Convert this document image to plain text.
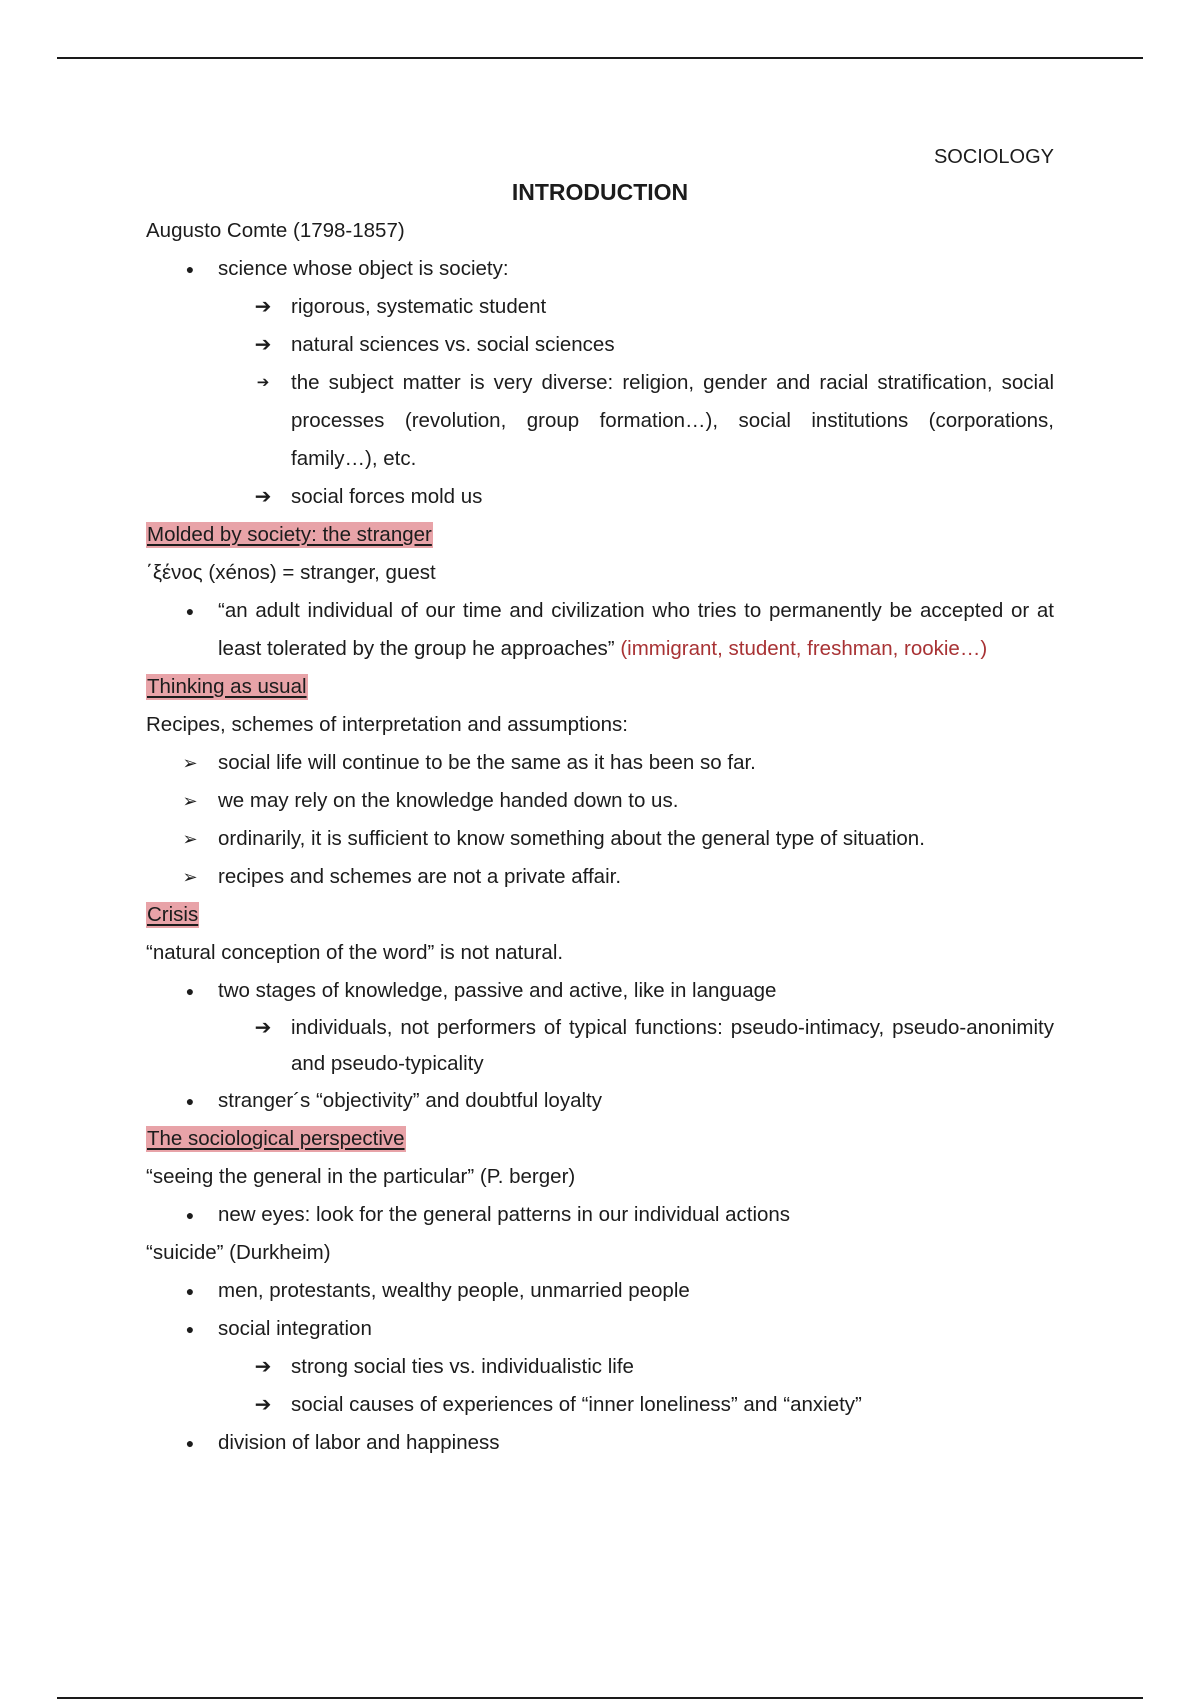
SOCIOLOGY
INTRODUCTION
Augusto Comte (1798-1857)
● science whose object is society:
➔ rigorous, systematic student
➔ natural sciences vs. social sciences
➔ the subject matter is very diverse: religion, gender and racial stratification, social processes (revolution, group formation…), social institutions (corporations, family…), etc.
➔ social forces mold us
Molded by society: the stranger
΄ξένος (xénos) = stranger, guest
● “an adult individual of our time and civilization who tries to permanently be accepted or at least tolerated by the group he approaches” (immigrant, student, freshman, rookie…)
Thinking as usual
Recipes, schemes of interpretation and assumptions:
➢ social life will continue to be the same as it has been so far.
➢ we may rely on the knowledge handed down to us.
➢ ordinarily, it is sufficient to know something about the general type of situation.
➢ recipes and schemes are not a private affair.
Crisis
“natural conception of the word” is not natural.
● two stages of knowledge, passive and active, like in language
➔ individuals, not performers of typical functions: pseudo-intimacy, pseudo-anonimity and pseudo-typicality
● stranger´s “objectivity” and doubtful loyalty
The sociological perspective
“seeing the general in the particular” (P. berger)
● new eyes: look for the general patterns in our individual actions
“suicide” (Durkheim)
● men, protestants, wealthy people, unmarried people
● social integration
➔ strong social ties vs. individualistic life
➔ social causes of experiences of “inner loneliness” and “anxiety”
● division of labor and happiness
